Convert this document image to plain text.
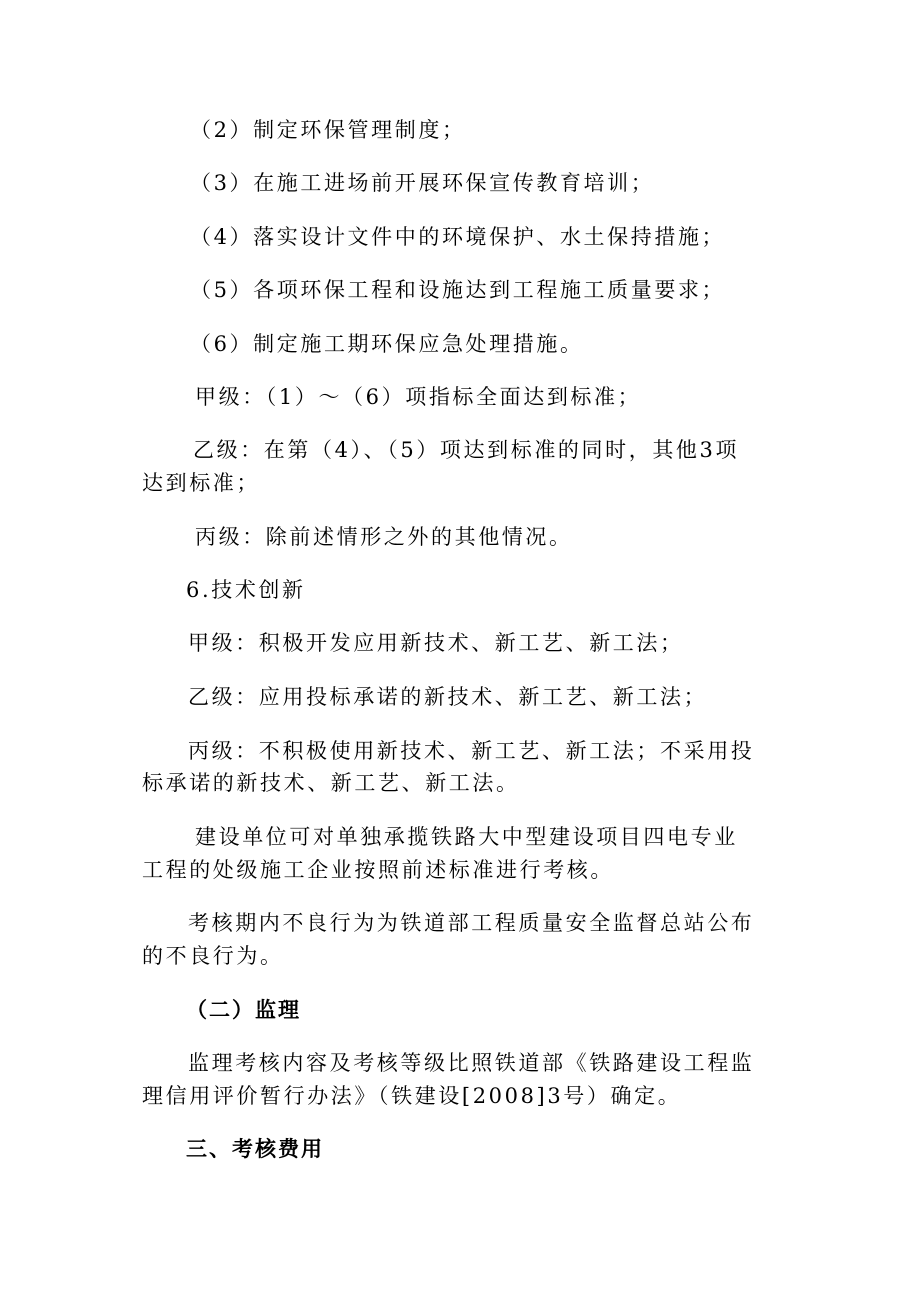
（2）制定环保管理制度；
（3）在施工进场前开展环保宣传教育培训；
（4）落实设计文件中的环境保护、水土保持措施；
（5）各项环保工程和设施达到工程施工质量要求；
（6）制定施工期环保应急处理措施。
甲级：（1）～（6）项指标全面达到标准；
乙级：在第（4）、（5）项达到标准的同时，其他3项
达到标准；
丙级：除前述情形之外的其他情况。
6.技术创新
甲级：积极开发应用新技术、新工艺、新工法；
乙级：应用投标承诺的新技术、新工艺、新工法；
丙级：不积极使用新技术、新工艺、新工法；不采用投
标承诺的新技术、新工艺、新工法。
建设单位可对单独承揽铁路大中型建设项目四电专业
工程的处级施工企业按照前述标准进行考核。
考核期内不良行为为铁道部工程质量安全监督总站公布
的不良行为。
（二）监理
监理考核内容及考核等级比照铁道部《铁路建设工程监
理信用评价暂行办法》（铁建设[2008]3号）确定。
三、考核费用
